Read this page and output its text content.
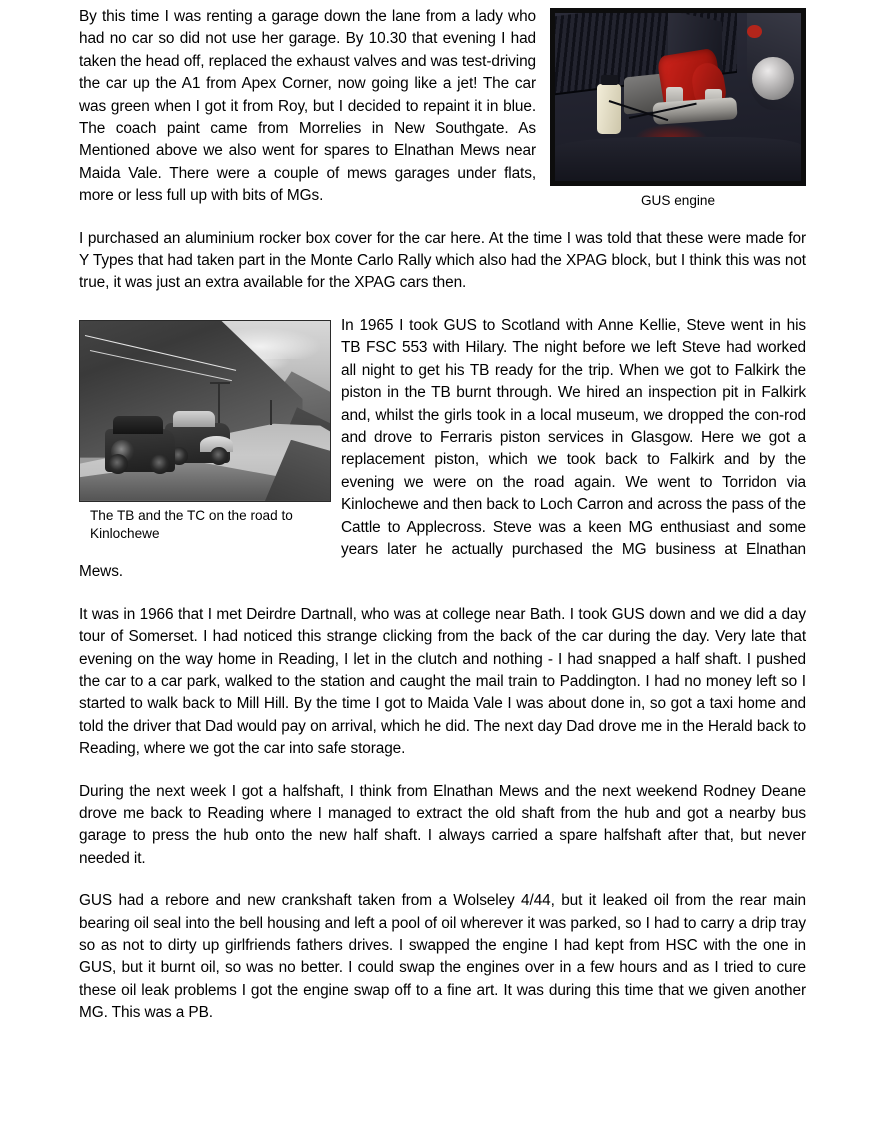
GUS engine

By this time I was renting a garage down the lane from a lady who had no car so did not use her garage. By 10.30 that evening I had taken the head off, replaced the exhaust valves and was test-driving the car up the A1 from Apex Corner, now going like a jet! The car was green when I got it from Roy, but I decided to repaint it in blue. The coach paint came from Morrelies in New Southgate. As Mentioned above we also went for spares to Elnathan Mews near Maida Vale. There were a couple of mews garages under flats, more or less full up with bits of MGs.

I purchased an aluminium rocker box cover for the car here. At the time I was told that these were made for Y Types that had taken part in the Monte Carlo Rally which also had the XPAG block, but I think this was not true, it was just an extra available for the XPAG cars then.

The TB and the TC on the road to Kinlochewe

In 1965 I took GUS to Scotland with Anne Kellie, Steve went in his TB FSC 553 with Hilary. The night before we left Steve had worked all night to get his TB ready for the trip. When we got to Falkirk the piston in the TB burnt through. We hired an inspection pit in Falkirk and, whilst the girls took in a local museum, we dropped the con-rod and drove to Ferraris piston services in Glasgow. Here we got a replacement piston, which we took back to Falkirk and by the evening we were on the road again. We went to Torridon via Kinlochewe and then back to Loch Carron and across the pass of the Cattle to Applecross. Steve was a keen MG enthusiast and some years later he actually purchased the MG business at Elnathan Mews.

It was in 1966 that I met Deirdre Dartnall, who was at college near Bath. I took GUS down and we did a day tour of Somerset. I had noticed this strange clicking from the back of the car during the day. Very late that evening on the way home in Reading, I let in the clutch and nothing - I had snapped a half shaft. I pushed the car to a car park, walked to the station and caught the mail train to Paddington. I had no money left so I started to walk back to Mill Hill. By the time I got to Maida Vale I was about done in, so got a taxi home and told the driver that Dad would pay on arrival, which he did. The next day Dad drove me in the Herald back to Reading, where we got the car into safe storage.

During the next week I got a halfshaft, I think from Elnathan Mews and the next weekend Rodney Deane drove me back to Reading where I managed to extract the old shaft from the hub and got a nearby bus garage to press the hub onto the new half shaft. I always carried a spare halfshaft after that, but never needed it.

GUS had a rebore and new crankshaft taken from a Wolseley 4/44, but it leaked oil from the rear main bearing oil seal into the bell housing and left a pool of oil wherever it was parked, so I had to carry a drip tray so as not to dirty up girlfriends fathers drives. I swapped the engine I had kept from HSC with the one in GUS, but it burnt oil, so was no better. I could swap the engines over in a few hours and as I tried to cure these oil leak problems I got the engine swap off to a fine art. It was during this time that we given another MG. This was a PB.
